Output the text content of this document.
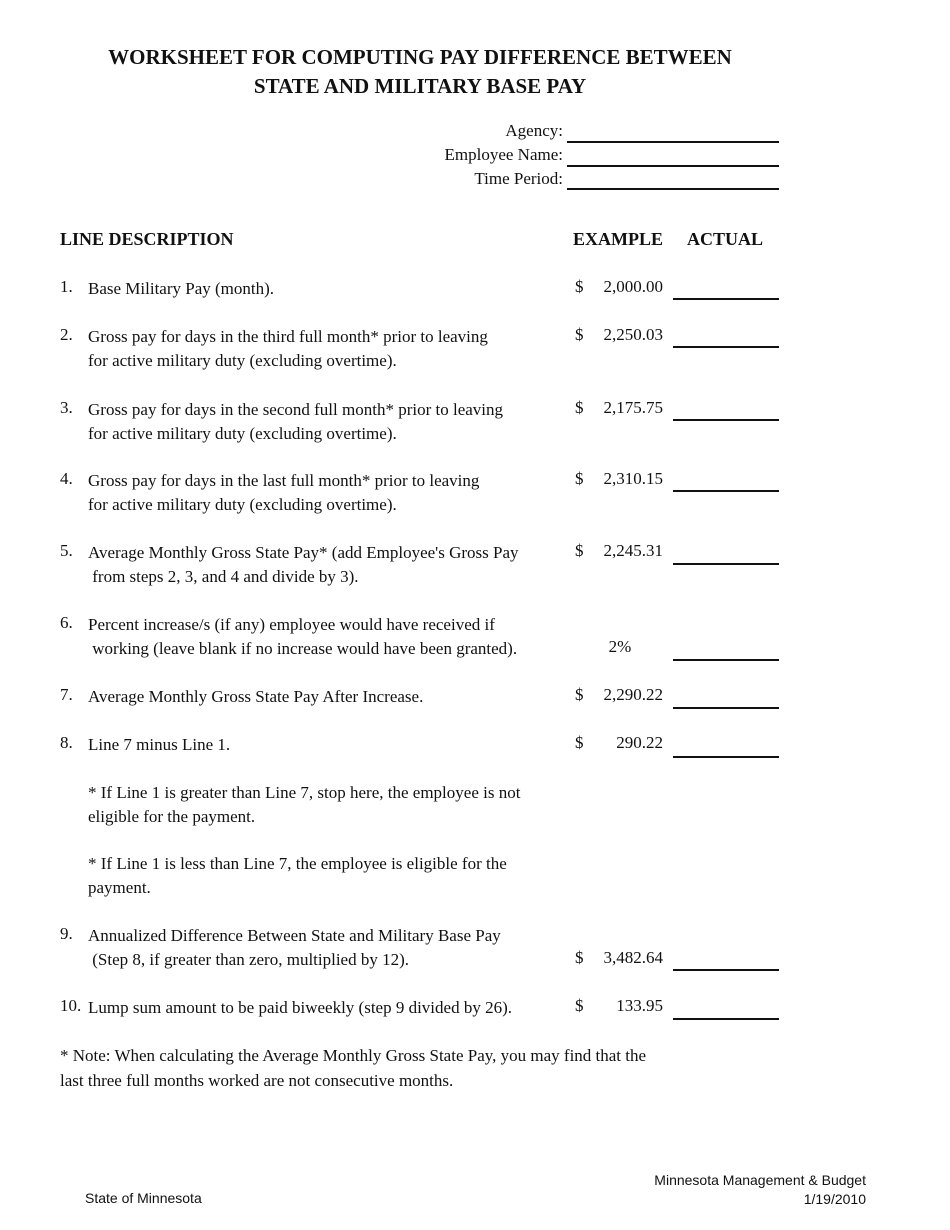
WORKSHEET FOR COMPUTING PAY DIFFERENCE BETWEEN
STATE AND MILITARY BASE PAY
Agency:
Employee Name:
Time Period:
LINE DESCRIPTION	EXAMPLE ACTUAL
1. Base Military Pay (month).	$	2,000.00
2. Gross pay for days in the third full month* prior to leaving
for active military duty (excluding overtime).
$	2,250.03
3. Gross pay for days in the second full month* prior to leaving
for active military duty (excluding overtime).
$	2,175.75
4. Gross pay for days in the last full month* prior to leaving
for active military duty (excluding overtime).
$	2,310.15
5. Average Monthly Gross State Pay* (add Employee's Gross Pay
from steps 2, 3, and 4 and divide by 3).
$	2,245.31
6. Percent increase/s (if any) employee would have received if
working (leave blank if no increase would have been granted).	2%
7. Average Monthly Gross State Pay After Increase.	$	2,290.22
8. Line 7 minus Line 1.	$	290.22
* If Line 1 is greater than Line 7, stop here, the employee is not
eligible for the payment.
* If Line 1 is less than Line 7, the employee is eligible for the
payment.
9. Annualized Difference Between State and Military Base Pay
(Step 8, if greater than zero, multiplied by 12).	$	3,482.64
10. Lump sum amount to be paid biweekly (step 9 divided by 26).	$	133.95
* Note: When calculating the Average Monthly Gross State Pay, you may find that the
last three full months worked are not consecutive months.
State of Minnesota
Minnesota Management & Budget
1/19/2010
